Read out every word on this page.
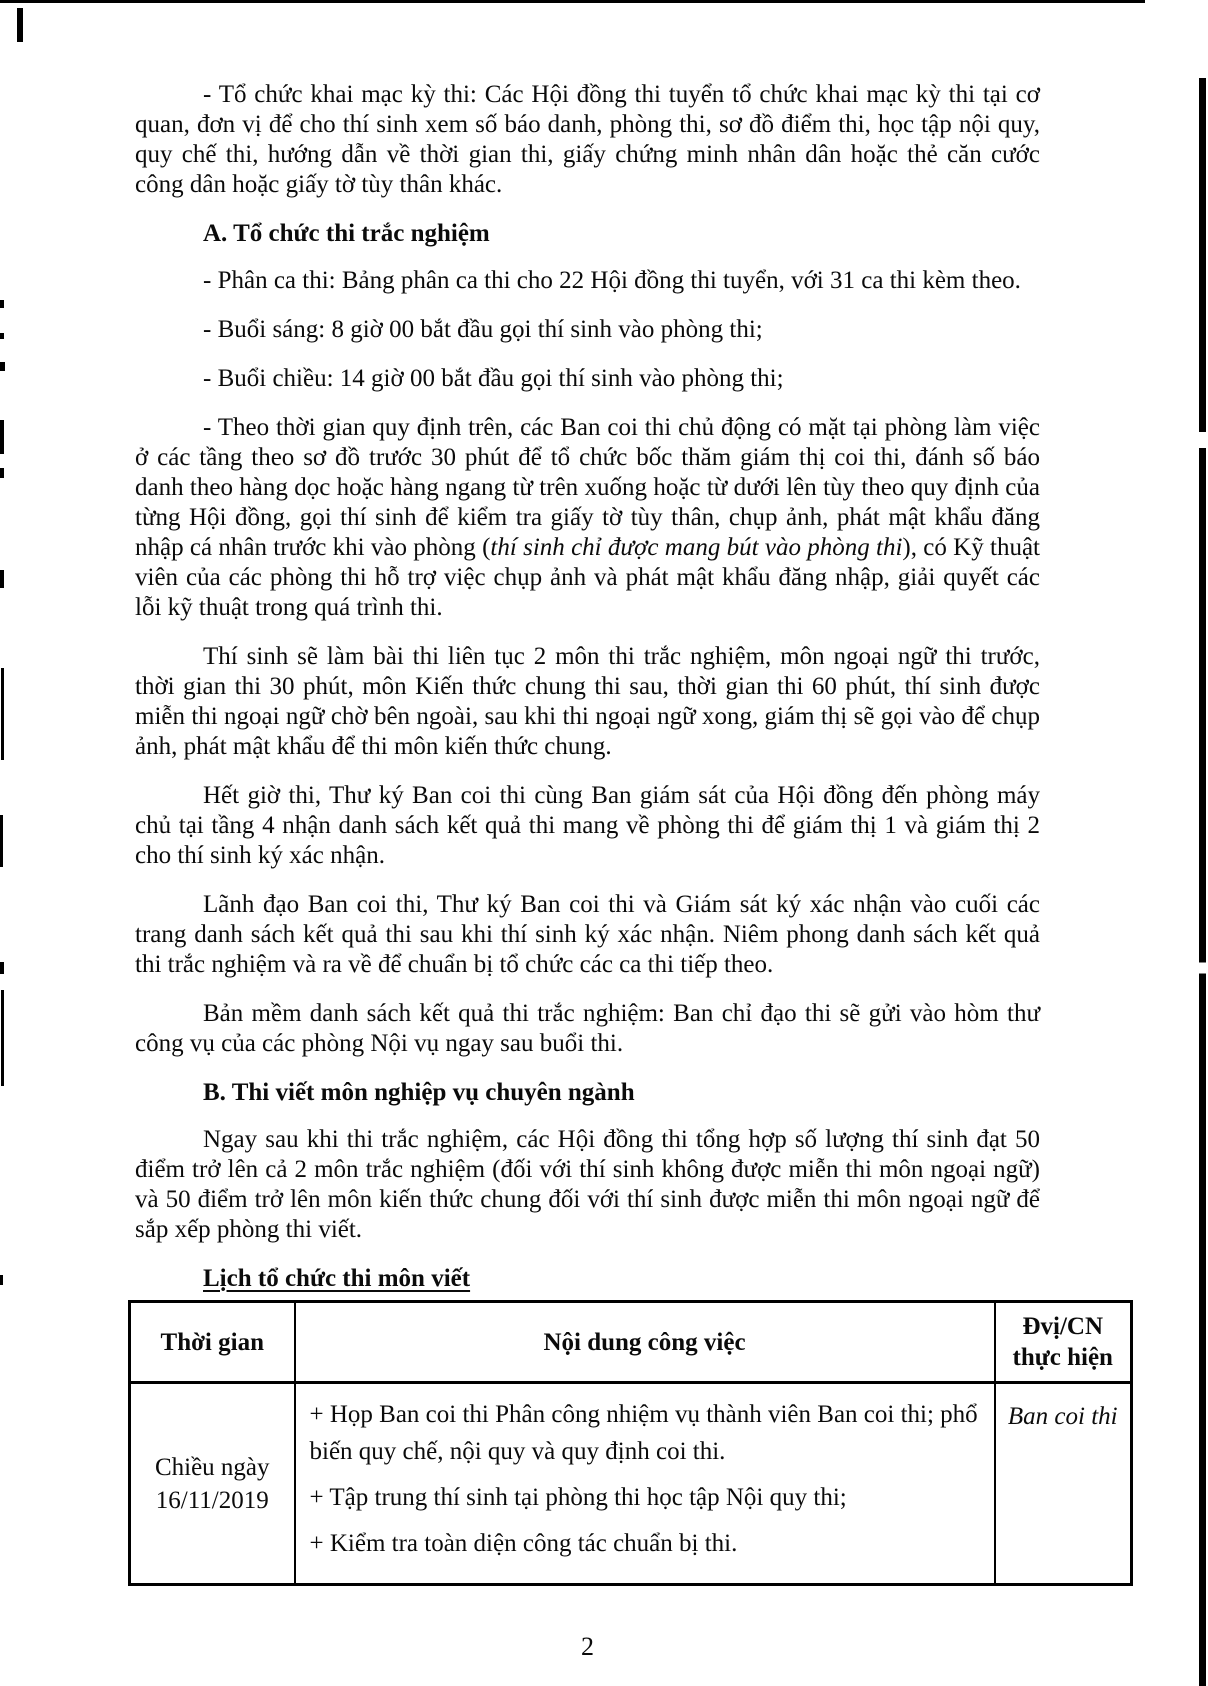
- Tổ chức khai mạc kỳ thi: Các Hội đồng thi tuyển tổ chức khai mạc kỳ thi tại cơ quan, đơn vị để cho thí sinh xem số báo danh, phòng thi, sơ đồ điểm thi, học tập nội quy, quy chế thi, hướng dẫn về thời gian thi, giấy chứng minh nhân dân hoặc thẻ căn cước công dân hoặc giấy tờ tùy thân khác.

A. Tổ chức thi trắc nghiệm

- Phân ca thi: Bảng phân ca thi cho 22 Hội đồng thi tuyển, với 31 ca thi kèm theo.

- Buổi sáng: 8 giờ 00 bắt đầu gọi thí sinh vào phòng thi;

- Buổi chiều: 14 giờ 00 bắt đầu gọi thí sinh vào phòng thi;

- Theo thời gian quy định trên, các Ban coi thi chủ động có mặt tại phòng làm việc ở các tầng theo sơ đồ trước 30 phút để tổ chức bốc thăm giám thị coi thi, đánh số báo danh theo hàng dọc hoặc hàng ngang từ trên xuống hoặc từ dưới lên tùy theo quy định của từng Hội đồng, gọi thí sinh để kiểm tra giấy tờ tùy thân, chụp ảnh, phát mật khẩu đăng nhập cá nhân trước khi vào phòng (thí sinh chỉ được mang bút vào phòng thi), có Kỹ thuật viên của các phòng thi hỗ trợ việc chụp ảnh và phát mật khẩu đăng nhập, giải quyết các lỗi kỹ thuật trong quá trình thi.

Thí sinh sẽ làm bài thi liên tục 2 môn thi trắc nghiệm, môn ngoại ngữ thi trước, thời gian thi 30 phút, môn Kiến thức chung thi sau, thời gian thi 60 phút, thí sinh được miễn thi ngoại ngữ chờ bên ngoài, sau khi thi ngoại ngữ xong, giám thị sẽ gọi vào để chụp ảnh, phát mật khẩu để thi môn kiến thức chung.

Hết giờ thi, Thư ký Ban coi thi cùng Ban giám sát của Hội đồng đến phòng máy chủ tại tầng 4 nhận danh sách kết quả thi mang về phòng thi để giám thị 1 và giám thị 2 cho thí sinh ký xác nhận.

Lãnh đạo Ban coi thi, Thư ký Ban coi thi và Giám sát ký xác nhận vào cuối các trang danh sách kết quả thi sau khi thí sinh ký xác nhận. Niêm phong danh sách kết quả thi trắc nghiệm và ra về để chuẩn bị tổ chức các ca thi tiếp theo.

Bản mềm danh sách kết quả thi trắc nghiệm: Ban chỉ đạo thi sẽ gửi vào hòm thư công vụ của các phòng Nội vụ ngay sau buổi thi.

B. Thi viết môn nghiệp vụ chuyên ngành

Ngay sau khi thi trắc nghiệm, các Hội đồng thi tổng hợp số lượng thí sinh đạt 50 điểm trở lên cả 2 môn trắc nghiệm (đối với thí sinh không được miễn thi môn ngoại ngữ) và 50 điểm trở lên môn kiến thức chung đối với thí sinh được miễn thi môn ngoại ngữ để sắp xếp phòng thi viết.

Lịch tổ chức thi môn viết
Thời gian	Nội dung công việc	Đvị/CN thực hiện
Chiều ngày 16/11/2019	+ Họp Ban coi thi Phân công nhiệm vụ thành viên Ban coi thi; phổ biến quy chế, nội quy và quy định coi thi.

+ Tập trung thí sinh tại phòng thi học tập Nội quy thi;

+ Kiểm tra toàn diện công tác chuẩn bị thi.	Ban coi thi
2
